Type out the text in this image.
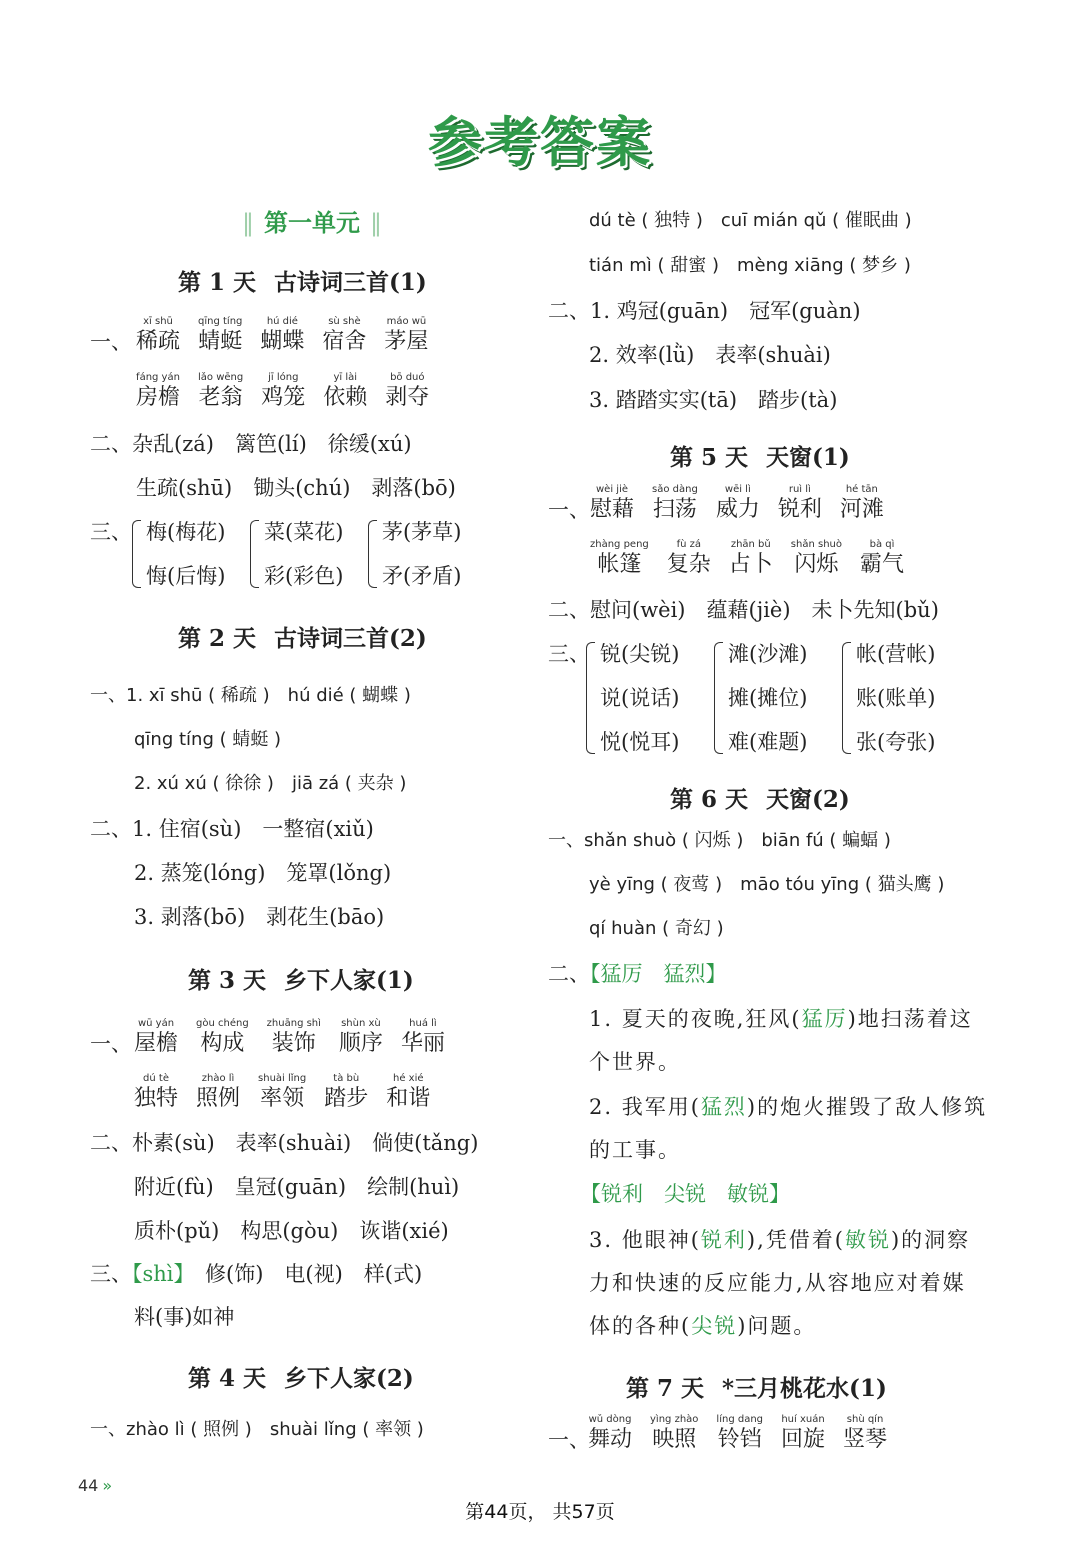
参考答案
‖ 第一单元 ‖
第 1 天 古诗词三首(1)
一、
xī shū
稀疏
qīng tíng
蜻蜓
hú dié
蝴蝶
sù shè
宿舍
máo wū
茅屋
fáng yán
房檐
lǎo wēng
老翁
jī lóng
鸡笼
yī lài
依赖
bō duó
剥夺
二、杂乱(zá)　篱笆(lí)　徐缓(xú)
生疏(shū)　锄头(chú)　剥落(bō)
三、 梅(梅花)
悔(后悔)
菜(菜花)
彩(彩色)
茅(茅草)
矛(矛盾)
第 2 天 古诗词三首(2)
一、1. xī shū ( 稀疏 )　hú dié ( 蝴蝶 )
qīng tíng ( 蜻蜓 )
2. xú xú ( 徐徐 )　jiā zá ( 夹杂 )
二、1. 住宿(sù)　一整宿(xiǔ)
2. 蒸笼(lóng)　笼罩(lǒng)
3. 剥落(bō)　剥花生(bāo)
第 3 天 乡下人家(1)
一、
wū yán
屋檐
gòu chéng
构成
zhuāng shì
装饰
shùn xù
顺序
huá lì
华丽
dú tè
独特
zhào lì
照例
shuài lǐng
率领
tà bù
踏步
hé xié
和谐
二、朴素(sù)　表率(shuài)　倘使(tǎng)
附近(fù)　皇冠(guān)　绘制(huì)
质朴(pǔ)　构思(gòu)　诙谐(xié)
三、【shì】　 修(饰)　电(视)　样(式)
料(事)如神
第 4 天 乡下人家(2)
一、zhào lì ( 照例 )　shuài lǐng ( 率领 )
dú tè ( 独特 )　cuī mián qǔ ( 催眠曲 )
tián mì ( 甜蜜 )　mèng xiāng ( 梦乡 )
二、1. 鸡冠(guān)　冠军(guàn)
2. 效率(lǜ)　表率(shuài)
3. 踏踏实实(tā)　踏步(tà)
第 5 天 天窗(1)
一、
wèi jiè
慰藉
sǎo dàng
扫荡
wēi lì
威力
ruì lì
锐利
hé tān
河滩
zhàng peng
帐篷
fù zá
复杂
zhān bǔ
占卜
shǎn shuò
闪烁
bà qì
霸气
二、慰问(wèi)　蕴藉(jiè)　未卜先知(bǔ)
三、 锐(尖锐)
说(说话)
悦(悦耳)
滩(沙滩)
摊(摊位)
难(难题)
帐(营帐)
账(账单)
张(夸张)
第 6 天 天窗(2)
一、shǎn shuò ( 闪烁 )　biān fú ( 蝙蝠 )
yè yīng ( 夜莺 )　māo tóu yīng ( 猫头鹰 )
qí huàn ( 奇幻 )
二、【猛厉　猛烈】
1. 夏天的夜晚,狂风(猛厉)地扫荡着这
个世界。
2. 我军用(猛烈)的炮火摧毁了敌人修筑
的工事。
【锐利　尖锐　敏锐】
3. 他眼神(锐利),凭借着(敏锐)的洞察
力和快速的反应能力,从容地应对着媒
体的各种(尖锐)问题。
第 7 天 *三月桃花水(1)
一、
wǔ dòng
舞动
yìng zhào
映照
líng dang
铃铛
huí xuán
回旋
shù qín
竖琴
44 »
第44页， 共57页
